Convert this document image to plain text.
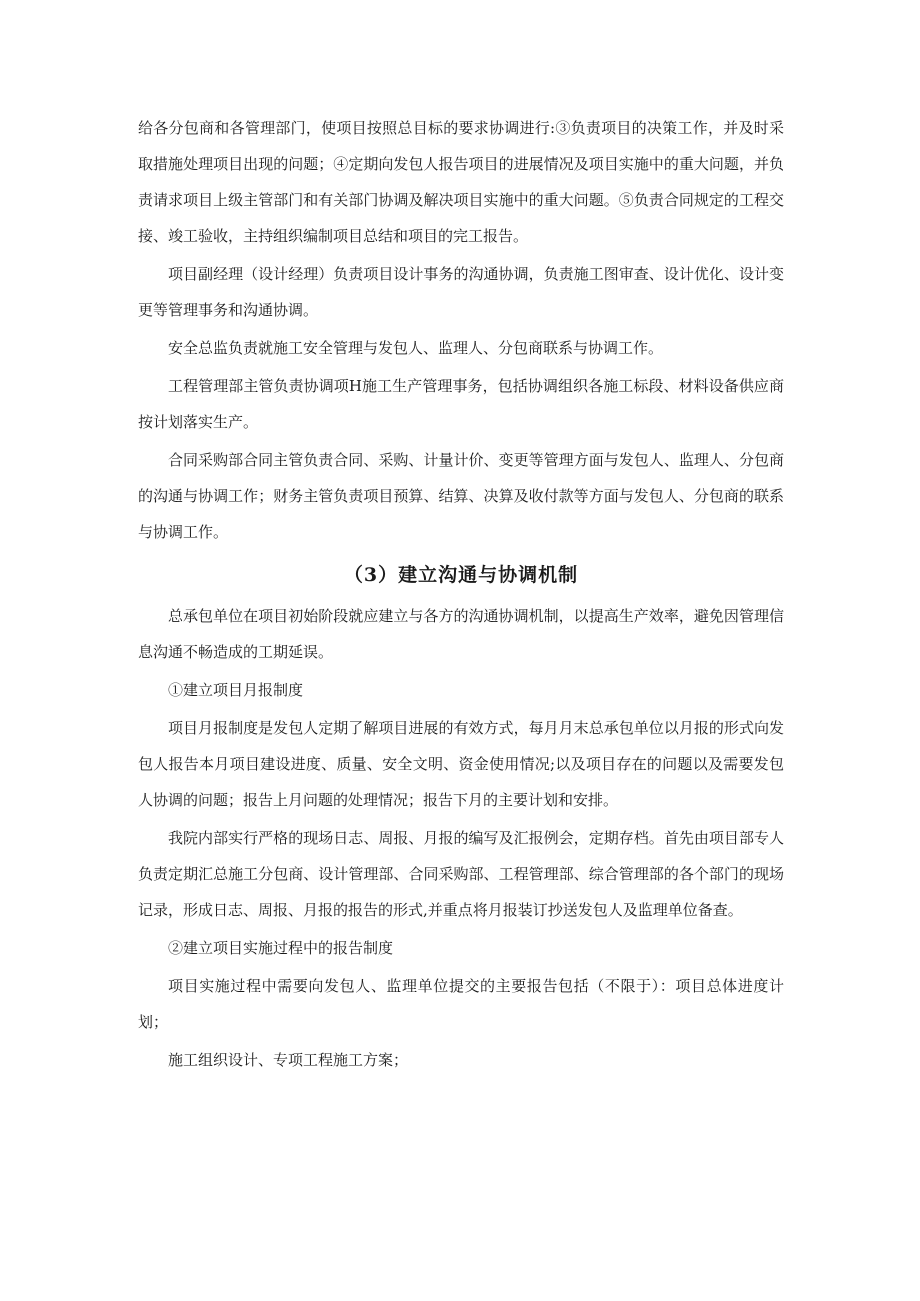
给各分包商和各管理部门，使项目按照总目标的要求协调进行:③负责项目的决策工作，并及时采取措施处理项目出现的问题；④定期向发包人报告项目的进展情况及项目实施中的重大问题，并负责请求项目上级主管部门和有关部门协调及解决项目实施中的重大问题。⑤负责合同规定的工程交接、竣工验收，主持组织编制项目总结和项目的完工报告。

项目副经理（设计经理）负责项目设计事务的沟通协调，负责施工图审查、设计优化、设计变更等管理事务和沟通协调。

安全总监负责就施工安全管理与发包人、监理人、分包商联系与协调工作。

工程管理部主管负责协调项H施工生产管理事务，包括协调组织各施工标段、材料设备供应商按计划落实生产。

合同采购部合同主管负责合同、采购、计量计价、变更等管理方面与发包人、监理人、分包商的沟通与协调工作；财务主管负责项目预算、结算、决算及收付款等方面与发包人、分包商的联系与协调工作。

（3）建立沟通与协调机制

总承包单位在项目初始阶段就应建立与各方的沟通协调机制，以提高生产效率，避免因管理信息沟通不畅造成的工期延误。

①建立项目月报制度

项目月报制度是发包人定期了解项目进展的有效方式，每月月末总承包单位以月报的形式向发包人报告本月项目建设进度、质量、安全文明、资金使用情况;以及项目存在的问题以及需要发包人协调的问题；报告上月问题的处理情况；报告下月的主要计划和安排。

我院内部实行严格的现场日志、周报、月报的编写及汇报例会，定期存档。首先由项目部专人负责定期汇总施工分包商、设计管理部、合同采购部、工程管理部、综合管理部的各个部门的现场记录，形成日志、周报、月报的报告的形式,并重点将月报装订抄送发包人及监理单位备查。

②建立项目实施过程中的报告制度

项目实施过程中需要向发包人、监理单位提交的主要报告包括（不限于）：项目总体进度计划；

施工组织设计、专项工程施工方案；
